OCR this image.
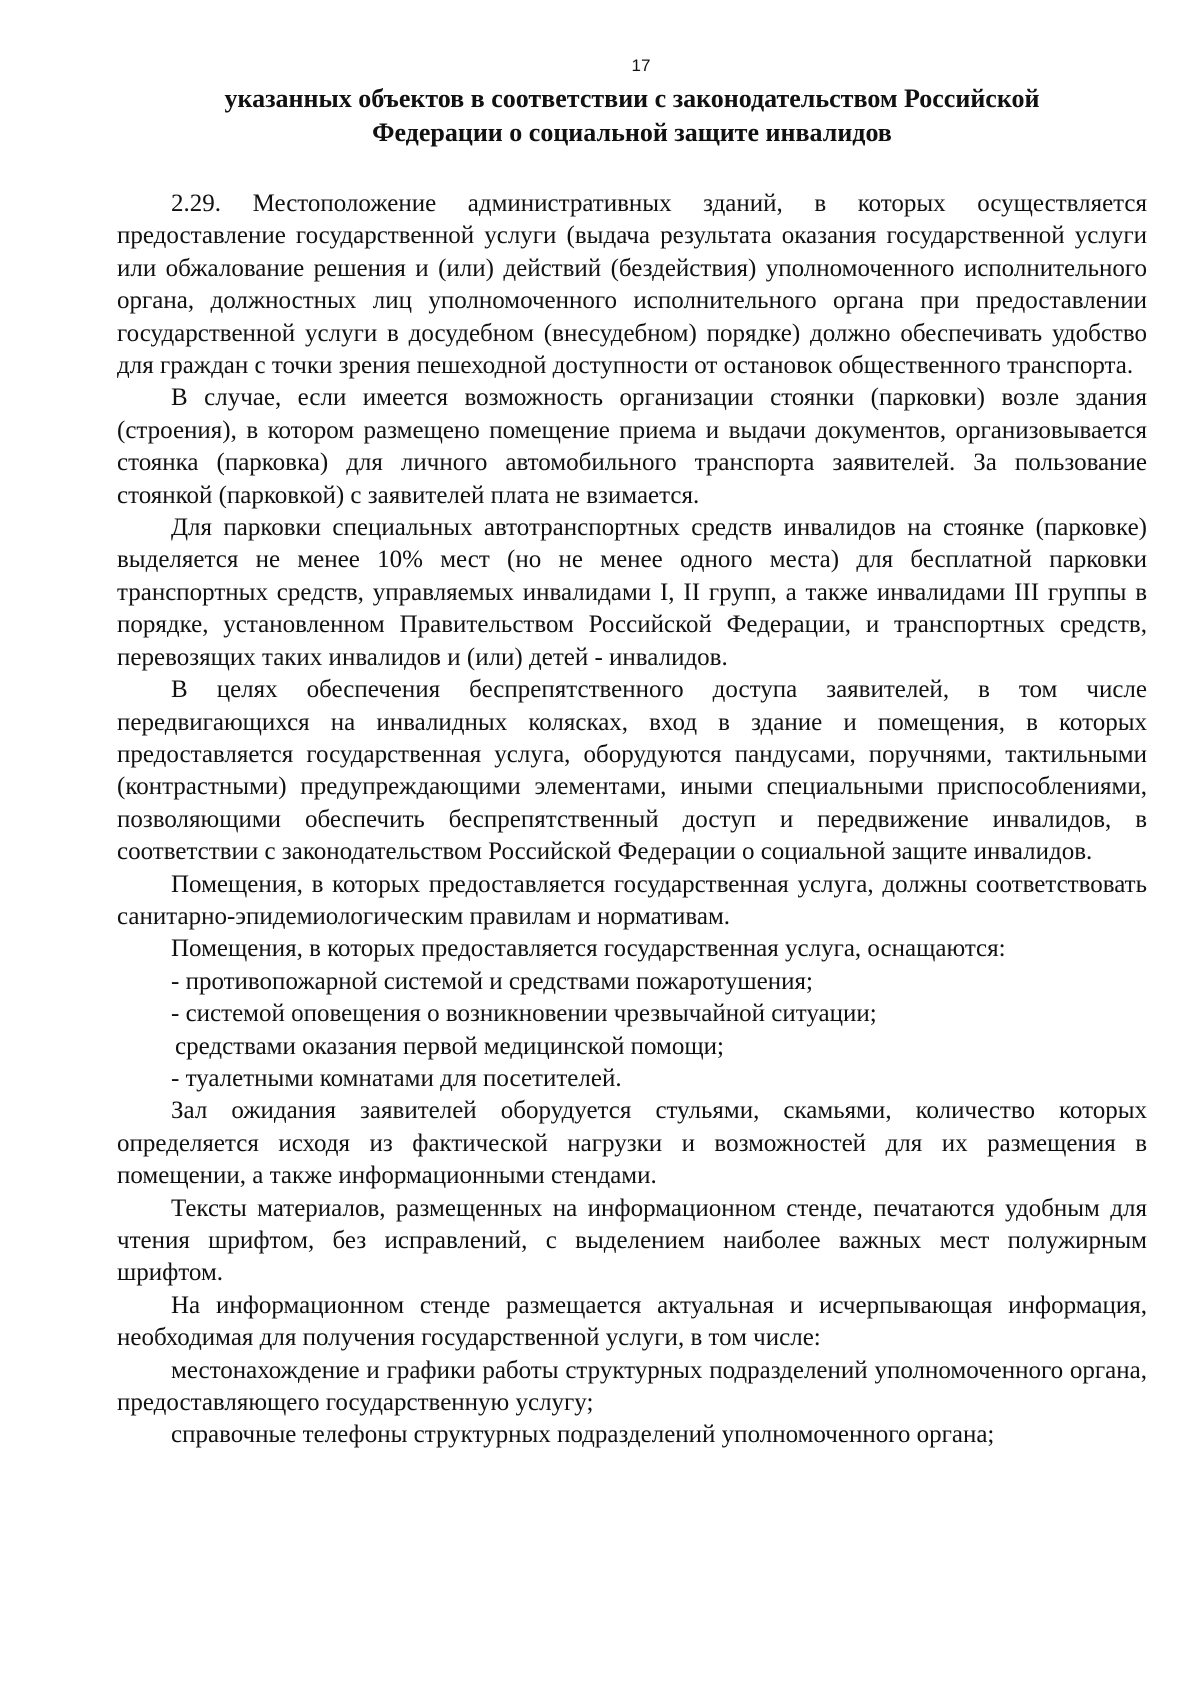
17
указанных объектов в соответствии с законодательством Российской
Федерации о социальной защите инвалидов

2.29. Местоположение административных зданий, в которых осуществляется предоставление государственной услуги (выдача результата оказания государственной услуги или обжалование решения и (или) действий (бездействия) уполномоченного исполнительного органа, должностных лиц уполномоченного исполнительного органа при предоставлении государственной услуги в досудебном (внесудебном) порядке) должно обеспечивать удобство для граждан с точки зрения пешеходной доступности от остановок общественного транспорта.

В случае, если имеется возможность организации стоянки (парковки) возле здания (строения), в котором размещено помещение приема и выдачи документов, организовывается стоянка (парковка) для личного автомобильного транспорта заявителей. За пользование стоянкой (парковкой) с заявителей плата не взимается.

Для парковки специальных автотранспортных средств инвалидов на стоянке (парковке) выделяется не менее 10% мест (но не менее одного места) для бесплатной парковки транспортных средств, управляемых инвалидами I, II групп, а также инвалидами III группы в порядке, установленном Правительством Российской Федерации, и транспортных средств, перевозящих таких инвалидов и (или) детей - инвалидов.

В целях обеспечения беспрепятственного доступа заявителей, в том числе передвигающихся на инвалидных колясках, вход в здание и помещения, в которых предоставляется государственная услуга, оборудуются пандусами, поручнями, тактильными (контрастными) предупреждающими элементами, иными специальными приспособлениями, позволяющими обеспечить беспрепятственный доступ и передвижение инвалидов, в соответствии с законодательством Российской Федерации о социальной защите инвалидов.

Помещения, в которых предоставляется государственная услуга, должны соответствовать санитарно-эпидемиологическим правилам и нормативам.

Помещения, в которых предоставляется государственная услуга, оснащаются:

- противопожарной системой и средствами пожаротушения;

- системой оповещения о возникновении чрезвычайной ситуации;

средствами оказания первой медицинской помощи;

- туалетными комнатами для посетителей.

Зал ожидания заявителей оборудуется стульями, скамьями, количество которых определяется исходя из фактической нагрузки и возможностей для их размещения в помещении, а также информационными стендами.

Тексты материалов, размещенных на информационном стенде, печатаются удобным для чтения шрифтом, без исправлений, с выделением наиболее важных мест полужирным шрифтом.

На информационном стенде размещается актуальная и исчерпывающая информация, необходимая для получения государственной услуги, в том числе:

местонахождение и графики работы структурных подразделений уполномоченного органа, предоставляющего государственную услугу;

справочные телефоны структурных подразделений уполномоченного органа;
